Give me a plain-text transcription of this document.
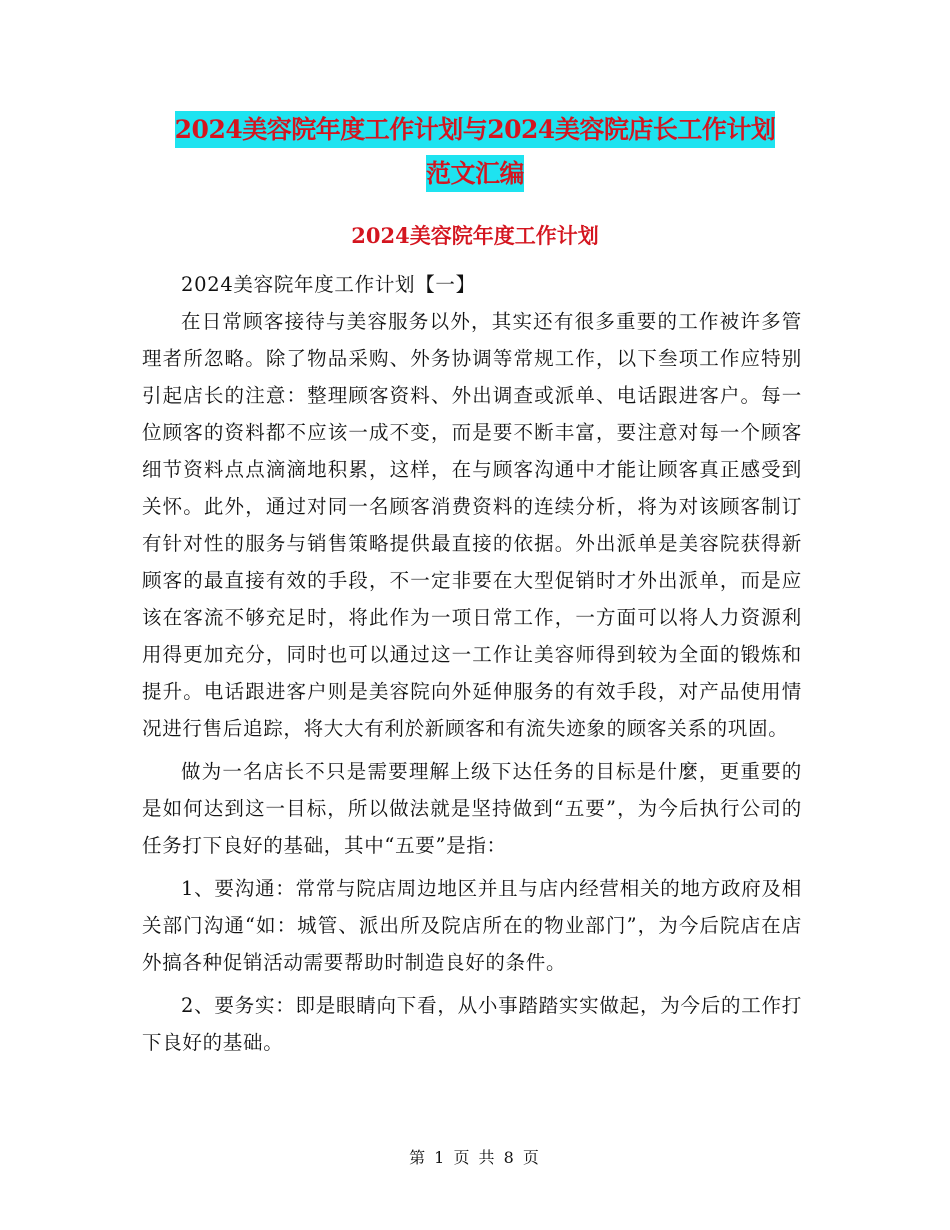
2024美容院年度工作计划与2024美容院店长工作计划
范文汇编
2024美容院年度工作计划

2024美容院年度工作计划【一】

在日常顾客接待与美容服务以外，其实还有很多重要的工作被许多管理者所忽略。除了物品采购、外务协调等常规工作，以下叁项工作应特别引起店长的注意：整理顾客资料、外出调查或派单、电话跟进客户。每一位顾客的资料都不应该一成不变，而是要不断丰富，要注意对每一个顾客细节资料点点滴滴地积累，这样，在与顾客沟通中才能让顾客真正感受到关怀。此外，通过对同一名顾客消费资料的连续分析，将为对该顾客制订有针对性的服务与销售策略提供最直接的依据。外出派单是美容院获得新顾客的最直接有效的手段，不一定非要在大型促销时才外出派单，而是应该在客流不够充足时，将此作为一项日常工作，一方面可以将人力资源利用得更加充分，同时也可以通过这一工作让美容师得到较为全面的锻炼和提升。电话跟进客户则是美容院向外延伸服务的有效手段，对产品使用情况进行售后追踪，将大大有利於新顾客和有流失迹象的顾客关系的巩固。

做为一名店长不只是需要理解上级下达任务的目标是什麼，更重要的是如何达到这一目标，所以做法就是坚持做到“五要”，为今后执行公司的任务打下良好的基础，其中“五要”是指：

1、要沟通：常常与院店周边地区并且与店内经营相关的地方政府及相关部门沟通“如：城管、派出所及院店所在的物业部门”，为今后院店在店外搞各种促销活动需要帮助时制造良好的条件。

2、要务实：即是眼睛向下看，从小事踏踏实实做起，为今后的工作打下良好的基础。

第 1 页 共 8 页
